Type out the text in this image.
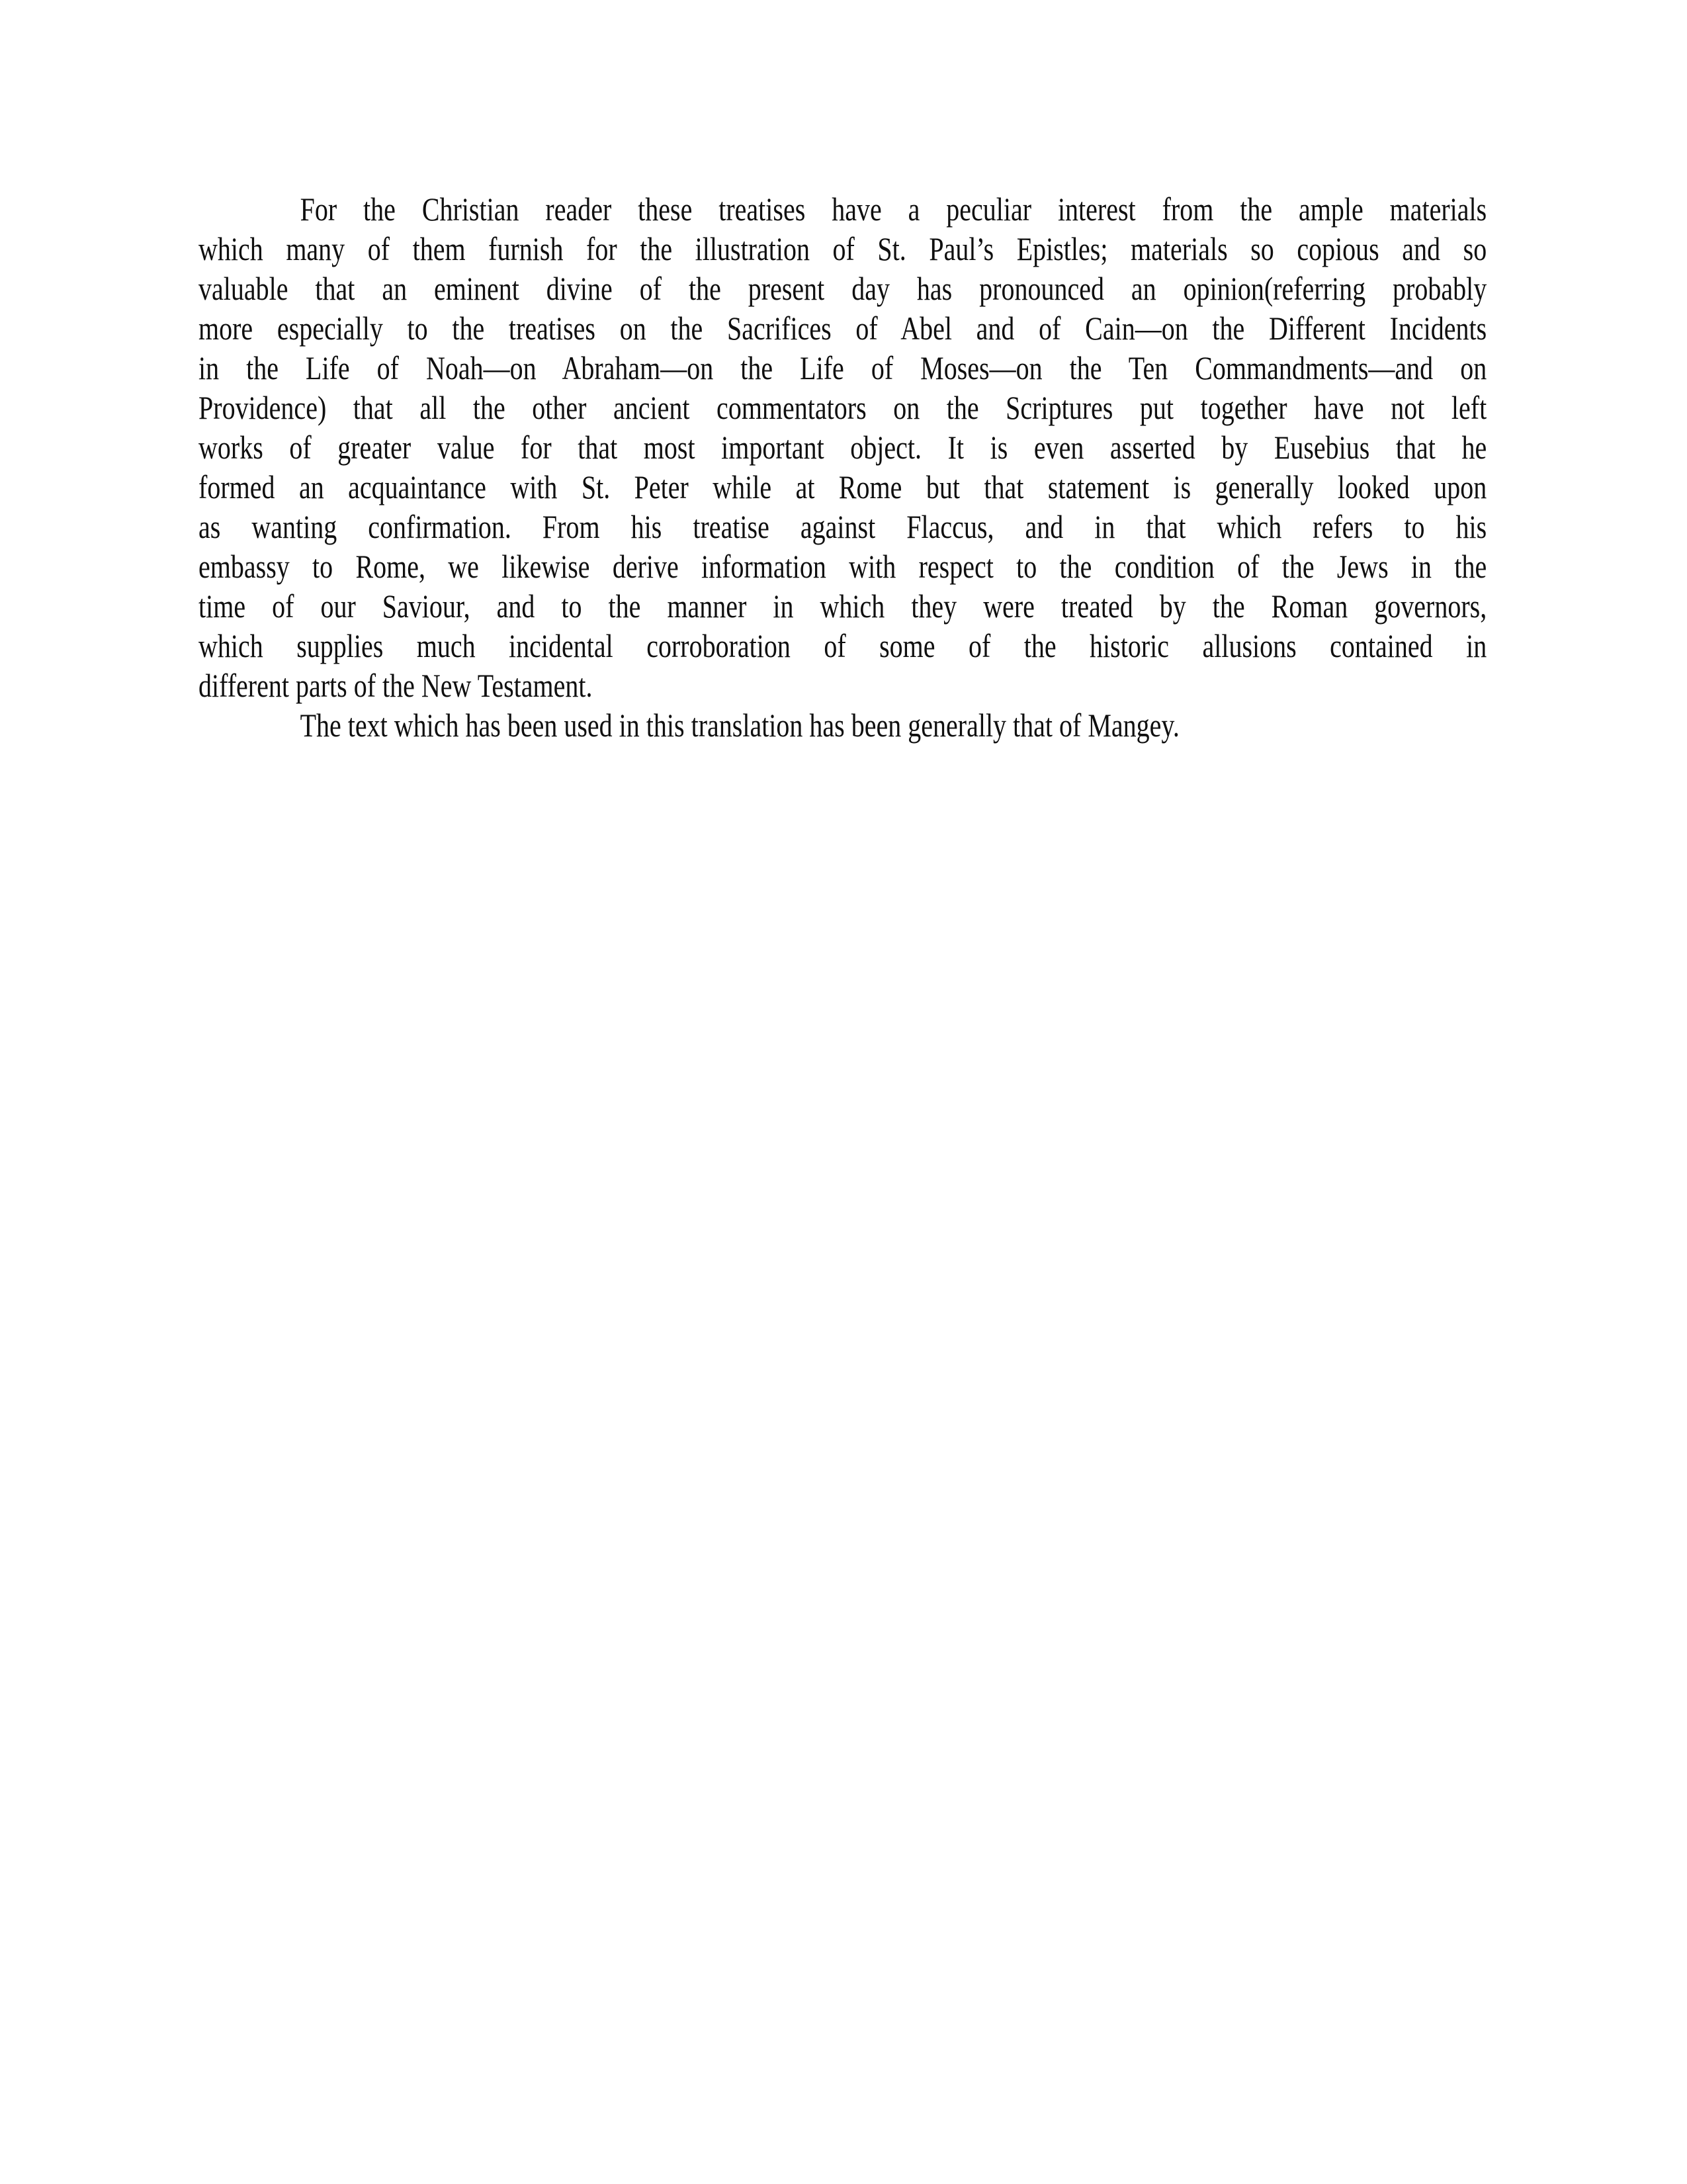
For the Christian reader these treatises have a peculiar interest from the ample materials

which many of them furnish for the illustration of St. Paul’s Epistles; materials so copious and so

valuable that an eminent divine of the present day has pronounced an opinion(referring probably

more especially to the treatises on the Sacrifices of Abel and of Cain—on the Different Incidents

in the Life of Noah—on Abraham—on the Life of Moses—on the Ten Commandments—and on

Providence) that all the other ancient commentators on the Scriptures put together have not left

works of greater value for that most important object. It is even asserted by Eusebius that he

formed an acquaintance with St. Peter while at Rome but that statement is generally looked upon

as wanting confirmation. From his treatise against Flaccus, and in that which refers to his

embassy to Rome, we likewise derive information with respect to the condition of the Jews in the

time of our Saviour, and to the manner in which they were treated by the Roman governors,

which supplies much incidental corroboration of some of the historic allusions contained in

different parts of the New Testament.

The text which has been used in this translation has been generally that of Mangey.
